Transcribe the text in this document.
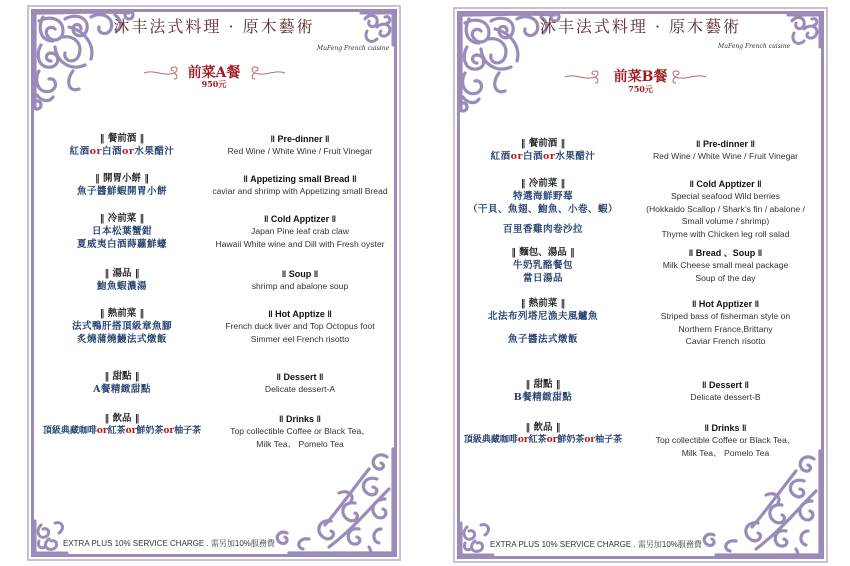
沐丰法式料理 · 原木藝術
MuFeng French cuisine
前菜A餐
950元
‖ 餐前酒 ‖
紅酒or白酒or水果醋汁
‖ 開胃小餅 ‖
魚子醬鮮蝦開胃小餅
‖ 冷前菜 ‖
日本松葉蟹鉗
夏威夷白酒蒔蘿鮮蠔
‖ 湯品 ‖
鮑魚蝦濃湯
‖ 熱前菜 ‖
法式鴨肝搭頂級章魚腳
炙燒蒲燒鰻法式燉飯
‖ 甜點 ‖
A餐精緻甜點
‖ 飲品 ‖
頂級典藏咖啡or紅茶or鮮奶茶or柚子茶
‖ Pre-dinner ‖
Red Wine / White Wine / Fruit Vinegar
‖ Appetizing small Bread ‖
caviar and shrimp with Appetizing small Bread
‖ Cold Apptizer ‖
Japan Pine leaf crab claw
Hawaii White wine and Dill with Fresh oyster
‖ Soup ‖
shrimp and abalone soup
‖ Hot Apptize ‖
French duck liver and Top Octopus foot
Simmer eel French risotto
‖ Dessert ‖
Delicate dessert-A
‖ Drinks ‖
Top collectible Coffee or Black Tea、
Milk Tea、 Pomelo Tea
EXTRA PLUS 10% SERVICE CHARGE . 需另加10%服務費
沐丰法式料理 · 原木藝術
MuFeng French cuisine
前菜B餐
750元
‖ 餐前酒 ‖
紅酒or白酒or水果醋汁
‖ 冷前菜 ‖
特選海鮮野莓
（干貝、魚翅、鮑魚、小卷、蝦）
百里香雞肉卷沙拉
‖ 麵包、湯品 ‖
牛奶乳酪餐包
當日湯品
‖ 熱前菜 ‖
北法布列塔尼漁夫風鱸魚
魚子醬法式燉飯
‖ 甜點 ‖
B餐精緻甜點
‖ 飲品 ‖
頂級典藏咖啡or紅茶or鮮奶茶or柚子茶
‖ Pre-dinner ‖
Red Wine / White Wine / Fruit Vinegar
‖ Cold Apptizer ‖
Special seafood Wild berries
(Hokkaido Scallop / Shark's fin / abalone /
Small volume / shrimp)
Thyme with Chicken leg roll salad
‖ Bread 、Soup ‖
Milk Cheese small meal package
Soup of the day
‖ Hot Apptizer ‖
Striped bass of fisherman style on
Northern France,Brittany
Caviar French risotto
‖ Dessert ‖
Delicate dessert-B
‖ Drinks ‖
Top collectible Coffee or Black Tea、
Milk Tea、 Pomelo Tea
EXTRA PLUS 10% SERVICE CHARGE . 需另加10%服務費
